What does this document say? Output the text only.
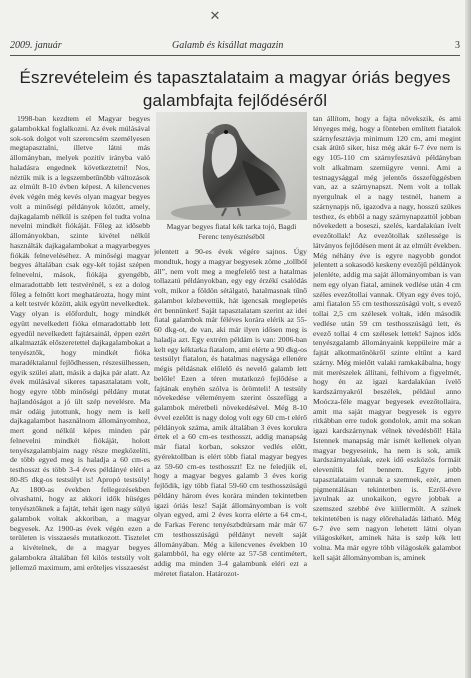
✕
2009. január	Galamb és kisállat magazin	3
Észrevételeim és tapasztalataim a magyar óriás begyes galambfajta fejlődéséről

1998-ban kezdtem el Magyar begyes galambokkal foglalkozni. Az évek múlásával sok-sok dolgot volt szerencsém személyesen megtapasztalni, illetve látni más állományban, melyek pozitív irányba való haladásra engednek következtetni! Nos, néztük mik is a legszembetűnőbb változások az elmúlt 8-10 évben képest. A kilencvenes évek végén még kevés olyan magyar begyes volt a minőségi példányok között, amely, dajkagalamb nélkül is szépen fel tudta volna nevelni mindkét fiókáját. Főleg az idősebb állományokban, szinte kivétel nélkül használták dajkagalambokat a magyarbegyes fiókák felneveléséhez. A minőségi magyar begyes általában csak egy-két tojást szépen felnevelni, mások, fiókája gyengébb, elmaradottabb lett testvérénél, s ez a dolog főleg a felnőtt kort meghatározta, hogy mint a kelt testvér között, akik együtt nevelkedtek. Vagy olyan is előfordult, hogy mindkét együtt nevelkedett fióka elmaradottabb lett egyedül nevelkedett fajtársainál, éppen ezért alkalmazták előszeretettel dajkagalambokat a tenyésztők, hogy mindkét fióka maradéktalanul fejlődhessen, részesülhessen, egyik szülei alatt, másik a dajka pár alatt. Az évek múlásával sikeres tapasztalatam volt, hogy egyre több minőségi példány mutat hajlandóságot a jó ült szép nevelésre. Ma már odáig jutottunk, hogy nem is kell dajkagalambot használnom állományomhoz, mert gond nélkül képes minden pár felnevelni mindkét fiókáját, holott tenyészgalambjaim nagy része megközelíti, de több egyed meg is haladja a 60 cm-es testhosszt és több 3-4 éves példányé eléri a 80-85 dkg-os testsúlyt is! Apropó testsúly! Az 1800-as években fellegezésekben olvashatni, hogy az akkori idők hüséges tenyésztőknek a fajtát, tehát igen nagy súlyú galambok voltak akkoriban, a magyar begyesek. Az 1900-as évek végén ezen a területen is visszaesés mutatkozott. Tisztelet a kivételnek, de a magyar begyes galambokra általában fél kilós testsúly volt jellemző maximum, ami erőteljes visszaesést

Magyar begyes fiatal kék tarka tojó, Bagdi Ferenc tenyésztéséből

jelentett a 90-es évek végére sajnos. Úgy mondtuk, hogy a magyar begyesek zöme „tollból áll”, nem volt meg a megfelelő test a hatalmas tollazatú példányokban, egy egy érzékí csalódás volt, mikor a földön sétálgató, hatalmasnak tűnő galambot kézbevettük, hát igencsak meglepetés ért bennünket! Saját tapasztalatam szerint az idei fiatal galambok már féléves korára elérik az 55-60 dkg-ot, de van, aki már ilyen idősen meg is haladja azt. Egy extrém példám is van: 2006-ban kelt egy kéktarka fiatalom, ami elérte a 90 dkg-os testsúlyt fiatalon, és hatalmas nagysága ellenére mégis példásnak előlelő és nevelő galamb lett belőle! Ezen a téren mutatkozó fejlődése a fajtának enyhén szólva is örömteli! A testsúly növekedése véleményem szerint összefügg a galambok méretbeli növekedésével. Még 8-10 évvel ezelőtt is nagy dolog volt egy 60 cm-t elérő példányok száma, amik általában 3 éves korukra értek el a 60 cm-es testhosszt, addig manapság már fiatal korban, sokszor vedlés előtt, gyérektollban is elért több fiatal magyar begyes az 59-60 cm-es testhosszt! Ez ne feledjük el, hogy a magyar begyes galamb 3 éves korig fejlődik, így több fiatal 59-60 cm testhosszúságú példány három éves korára minden tekintetben igazi óriás lesz! Saját állományomban is volt olyan egyed, ami 2 éves korra elérte a 64 cm-t, de Farkas Ferenc tenyészbdtúrsam már már 67 cm testhosszúságú példányt nevelt saját állományában. Még a kilencvenes években 10 galambból, ha egy elérte az 57-58 centimétert, addig ma minden 3-4 galambunk eléri ezt a méretet fiatalon. Határozot-

tan állítom, hogy a fajta növekszik, és ami lényeges még, hogy a fönteben említett fiatalok szárnyfesztávja minimum 120 cm, ami megint csak átütő siker, hisz még akár 6-7 éve nem is egy 105-110 cm szárnyfesztávú példányban volt alkalmam szemügyre venni. Ami a testnagysággal még jelentős összefüggésben van, az a szárnynapszt. Nem volt a tollak nyergulnak el a nagy testnél, hanem a szárnynapjs nő, igazodva a nagy, hosszú szükes testhez, és ebből a nagy szárnynapzattól jobban növekedett a boseszi, szelés, kardalakúan ívelt evezőtollak! Az evezőtollak szélessége is látványos fejlődésen ment át az elmúlt években. Még néhány éve is egyre nagyobb gondot jelentett a sokasodó keskeny evezőjű példányok jelenléte, addig ma saját állományomban is van nem egy olyan fiatal, aminek vedlése után 4 cm széles evezőtollai vannak. Olyan egy éves tojó, ami fiatalon 55 cm testhosszúságú volt, s evező tollai 2,5 cm szélesek voltak, idén második vedlése után 59 cm testhosszúságú lett, és evező tollai 4 cm szélesek lettek! Sajnos idős tenyészgalamb állományaink keppüleire már a fajtát alkotmatőnökről szinte eltűnt a kard szárny. Még mielőtt valaki ramkakábalna, hogy mit merészelek állítani, felhívom a figyelmét, hogy én az igazi kardalakúan ívelő kardszárnyakról beszélek, például anno Moócza-féle magyar begyesek evezőtollaira, amit ma saját magyar begyesek is egyre ritkábban erre tudok gondolok, amit ma sokan igazi kardszárnynak vélnek tévedésből! Hála Istennek manapság már ismét kellenek olyan magyar begyeseink, ha nem is sok, amik kardszárnyalakúak, ezek idő eszközös formáit elevenítik fel bennem. Egyre jobb tapasztalataim vannak a szemnek, ezér, amen pigmentálásan tekintetben is. Ezről-évre javulnak az unokaikon, egyre jobbak a szemszed szebbé éve kiillermölt. A színek tekintetében is nagy előrehaladás látható. Még 6-7 éve sem nagyon lehetett látni olyan világoskéket, aminek háta is szép kék lett volna. Ma már egyre több világoskék galambot kell saját állományomban is, aminek
